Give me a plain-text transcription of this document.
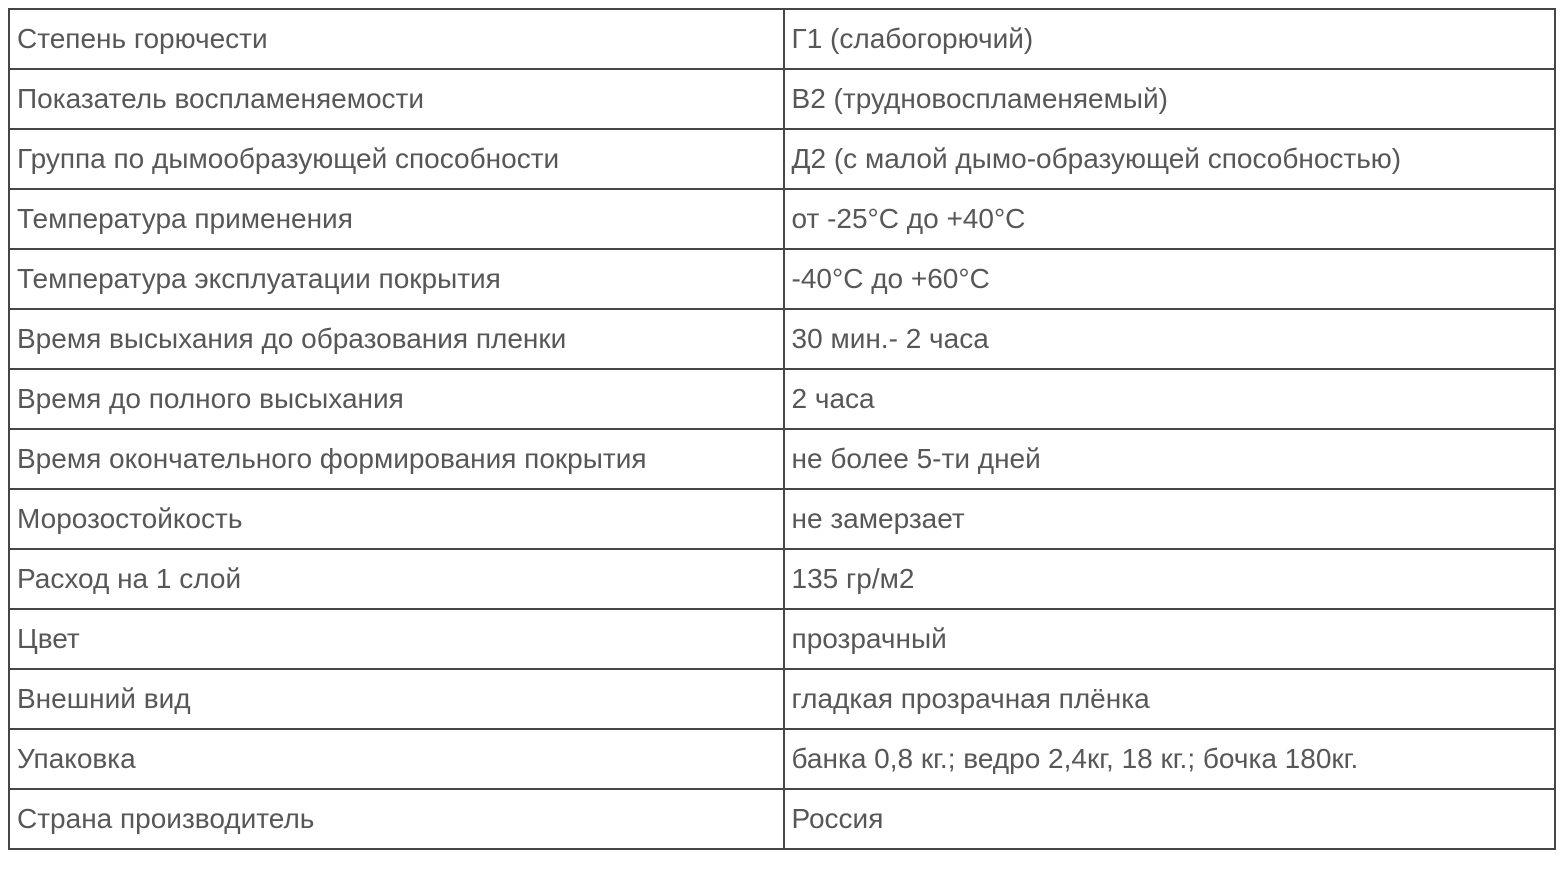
Степень горючести	Г1 (слабогорючий)
Показатель воспламеняемости	В2 (трудновоспламеняемый)
Группа по дымообразующей способности	Д2 (с малой дымо-образующей способностью)
Температура применения	от -25°С до +40°С
Температура эксплуатации покрытия	-40°С до +60°С
Время высыхания до образования пленки	30 мин.- 2 часа
Время до полного высыхания	2 часа
Время окончательного формирования покрытия	не более 5-ти дней
Морозостойкость	не замерзает
Расход на 1 слой	135 гр/м2
Цвет	прозрачный
Внешний вид	гладкая прозрачная плёнка
Упаковка	банка 0,8 кг.; ведро 2,4кг, 18 кг.; бочка 180кг.
Страна производитель	Россия
